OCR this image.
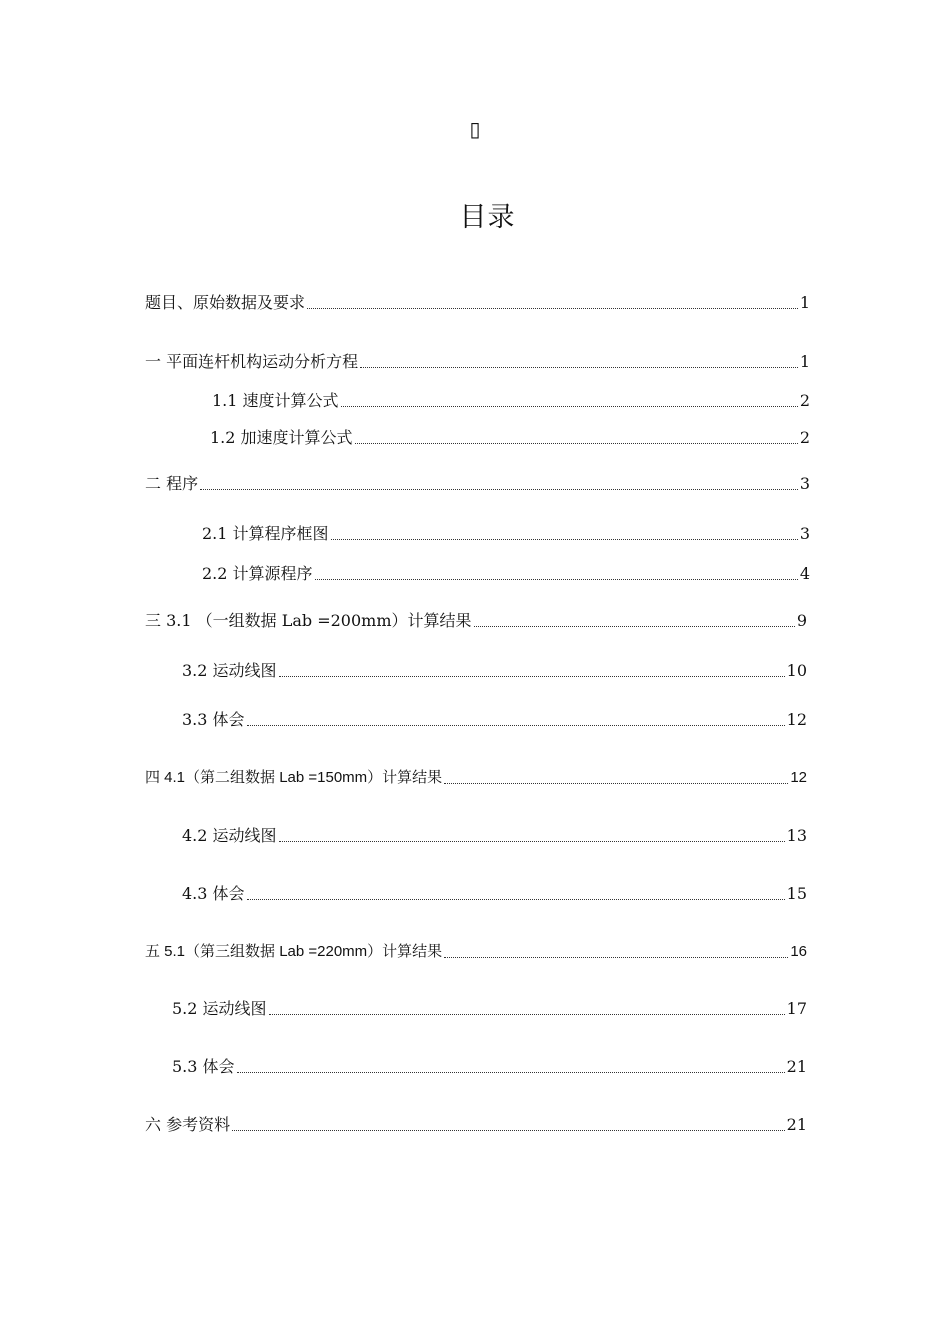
▯
目录
题目、原始数据及要求	1
一 平面连杆机构运动分析方程	1
1.1 速度计算公式	2
1.2 加速度计算公式	2
二 程序	3
2.1 计算程序框图	3
2.2 计算源程序	4
三 3.1 （一组数据 Lab =200mm）计算结果	9
3.2 运动线图	10
3.3 体会	12
四 4.1（第二组数据 Lab =150mm）计算结果	12
4.2 运动线图	13
4.3 体会	15
五 5.1（第三组数据 Lab =220mm）计算结果	16
5.2 运动线图	17
5.3 体会	21
六 参考资料	21
